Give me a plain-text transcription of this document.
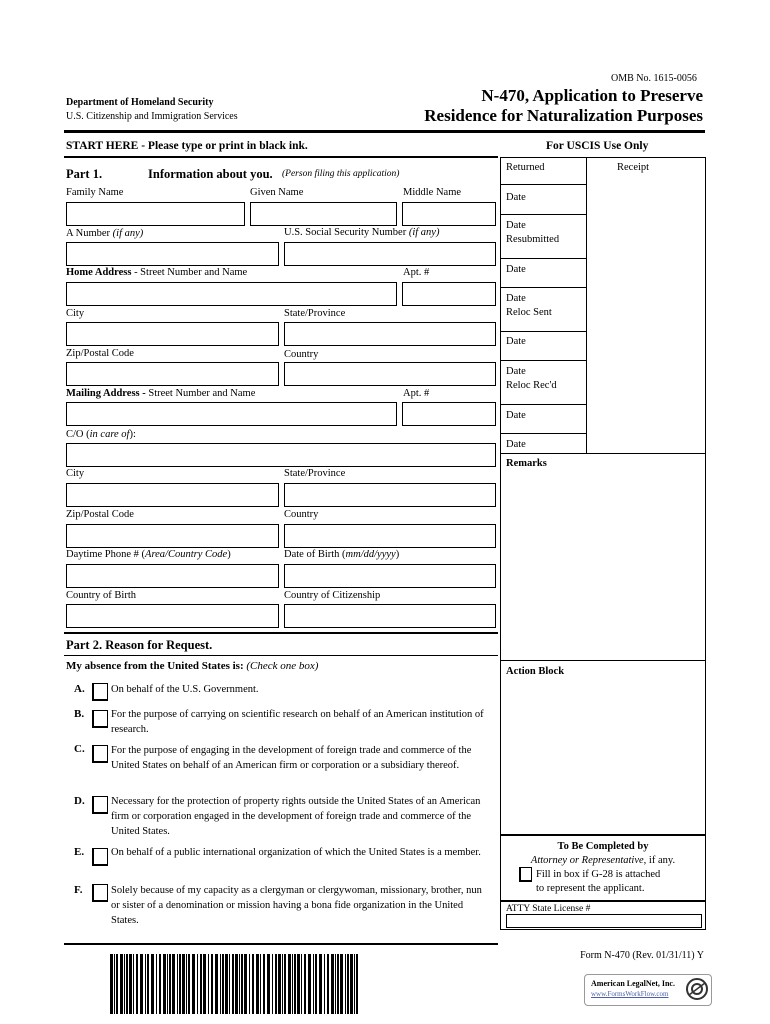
OMB No. 1615-0056
Department of Homeland Security
U.S. Citizenship and Immigration Services
N-470, Application to Preserve
Residence for Naturalization Purposes
START HERE - Please type or print in black ink.	For USCIS Use Only
Part 1.	Information about you. (Person filing this application)
Family Name	Given Name	Middle Name
A Number (if any)	U.S. Social Security Number (if any)
Home Address - Street Number and Name	Apt. #
City	State/Province
Zip/Postal Code	Country
Mailing Address - Street Number and Name	Apt. #
C/O (in care of):
City	State/Province
Zip/Postal Code	Country
Daytime Phone # (Area/Country Code)	Date of Birth (mm/dd/yyyy)
Country of Birth	Country of Citizenship
Part 2. Reason for Request.
My absence from the United States is: (Check one box)
A.	On behalf of the U.S. Government.
B.	For the purpose of carrying on scientific research on behalf of an American institution of research.
C.	For the purpose of engaging in the development of foreign trade and commerce of the United States on behalf of an American firm or corporation or a subsidiary thereof.
D.	Necessary for the protection of property rights outside the United States of an American firm or corporation engaged in the development of foreign trade and commerce of the United States.
E.	On behalf of a public international organization of which the United States is a member.
F.	Solely because of my capacity as a clergyman or clergywoman, missionary, brother, nun or sister of a denomination or mission having a bona fide organization in the United States.
Returned	Receipt
Date
Date
Resubmitted
Date
Date
Reloc Sent
Date
Date
Reloc Rec'd
Date
Date
Remarks
Action Block
To Be Completed by
Attorney or Representative, if any.
Fill in box if G-28 is attached
to represent the applicant.
ATTY State License #
Form N-470 (Rev. 01/31/11) Y
American LegalNet, Inc.
www.FormsWorkFlow.com
